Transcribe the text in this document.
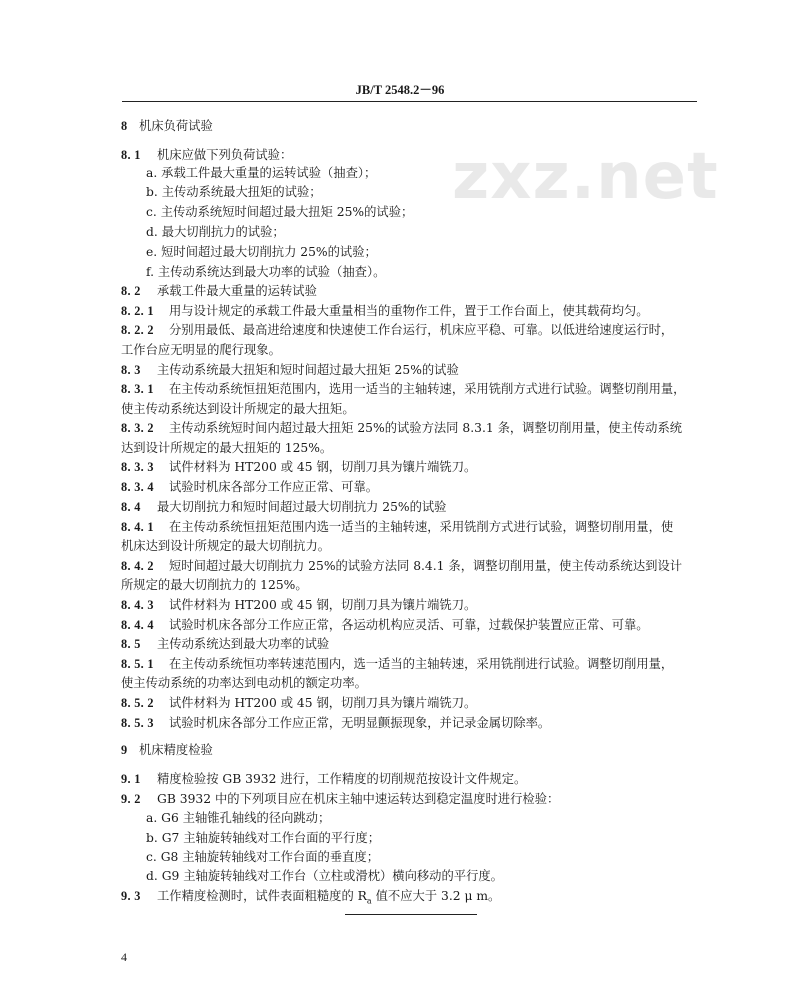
JB/T 2548.2－96
zxz.net
8 机床负荷试验
8. 1 机床应做下列负荷试验：
a. 承载工件最大重量的运转试验（抽查）；
b. 主传动系统最大扭矩的试验；
c. 主传动系统短时间超过最大扭矩 25%的试验；
d. 最大切削抗力的试验；
e. 短时间超过最大切削抗力 25%的试验；
f. 主传动系统达到最大功率的试验（抽查）。
8. 2 承载工件最大重量的运转试验
8. 2. 1 用与设计规定的承载工件最大重量相当的重物作工件，置于工作台面上，使其载荷均匀。
8. 2. 2 分别用最低、最高进给速度和快速使工作台运行，机床应平稳、可靠。以低进给速度运行时，
工作台应无明显的爬行现象。
8. 3 主传动系统最大扭矩和短时间超过最大扭矩 25%的试验
8. 3. 1 在主传动系统恒扭矩范围内，选用一适当的主轴转速，采用铣削方式进行试验。调整切削用量，
使主传动系统达到设计所规定的最大扭矩。
8. 3. 2 主传动系统短时间内超过最大扭矩 25%的试验方法同 8.3.1 条，调整切削用量，使主传动系统
达到设计所规定的最大扭矩的 125%。
8. 3. 3 试件材料为 HT200 或 45 钢，切削刀具为镶片端铣刀。
8. 3. 4 试验时机床各部分工作应正常、可靠。
8. 4 最大切削抗力和短时间超过最大切削抗力 25%的试验
8. 4. 1 在主传动系统恒扭矩范围内选一适当的主轴转速，采用铣削方式进行试验，调整切削用量，使
机床达到设计所规定的最大切削抗力。
8. 4. 2 短时间超过最大切削抗力 25%的试验方法同 8.4.1 条，调整切削用量，使主传动系统达到设计
所规定的最大切削抗力的 125%。
8. 4. 3 试件材料为 HT200 或 45 钢，切削刀具为镶片端铣刀。
8. 4. 4 试验时机床各部分工作应正常，各运动机构应灵活、可靠，过载保护装置应正常、可靠。
8. 5 主传动系统达到最大功率的试验
8. 5. 1 在主传动系统恒功率转速范围内，选一适当的主轴转速，采用铣削进行试验。调整切削用量，
使主传动系统的功率达到电动机的额定功率。
8. 5. 2 试件材料为 HT200 或 45 钢，切削刀具为镶片端铣刀。
8. 5. 3 试验时机床各部分工作应正常，无明显颤振现象，并记录金属切除率。
9 机床精度检验
9. 1 精度检验按 GB 3932 进行，工作精度的切削规范按设计文件规定。
9. 2 GB 3932 中的下列项目应在机床主轴中速运转达到稳定温度时进行检验：
a. G6 主轴锥孔轴线的径向跳动；
b. G7 主轴旋转轴线对工作台面的平行度；
c. G8 主轴旋转轴线对工作台面的垂直度；
d. G9 主轴旋转轴线对工作台（立柱或滑枕）横向移动的平行度。
9. 3 工作精度检测时，试件表面粗糙度的 $R_a$ 值不应大于 3.2 μ m。
4
